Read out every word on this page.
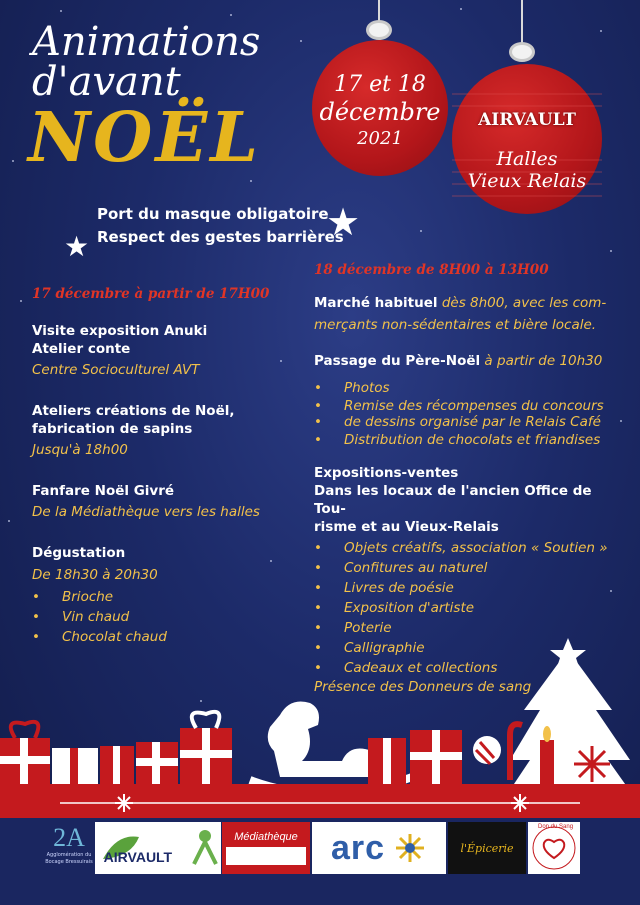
Animations
d'avant
NOËL
17 et 18
décembre
2021
AIRVAULT
Halles
Vieux Relais
Port du masque obligatoire
Respect des gestes barrières
★
★
17 décembre à partir de 17H00
Visite exposition Anuki
Atelier conte
Centre Socioculturel AVT
Ateliers créations de Noël,
fabrication de sapins
Jusqu'à 18h00
Fanfare Noël Givré
De la Médiathèque vers les halles
Dégustation
De 18h30 à 20h30
• Brioche
• Vin chaud
• Chocolat chaud
18 décembre de 8H00 à 13H00
Marché habituel dès 8h00, avec les com-
merçants non-sédentaires et bière locale.
Passage du Père-Noël à partir de 10h30
• Photos
• Remise des récompenses du concours
• de dessins organisé par le Relais Café
• Distribution de chocolats et friandises
Expositions-ventes
Dans les locaux de l'ancien Office de Tou-
risme et au Vieux-Relais
• Objets créatifs, association « Soutien »
• Confitures au naturel
• Livres de poésie
• Exposition d'artiste
• Poterie
• Calligraphie
• Cadeaux et collections
Présence des Donneurs de sang
2A
Agglomération du Bocage Bressuirais AIRVAULT
Médiathèque arc	l'Épicerie
Don du Sang
